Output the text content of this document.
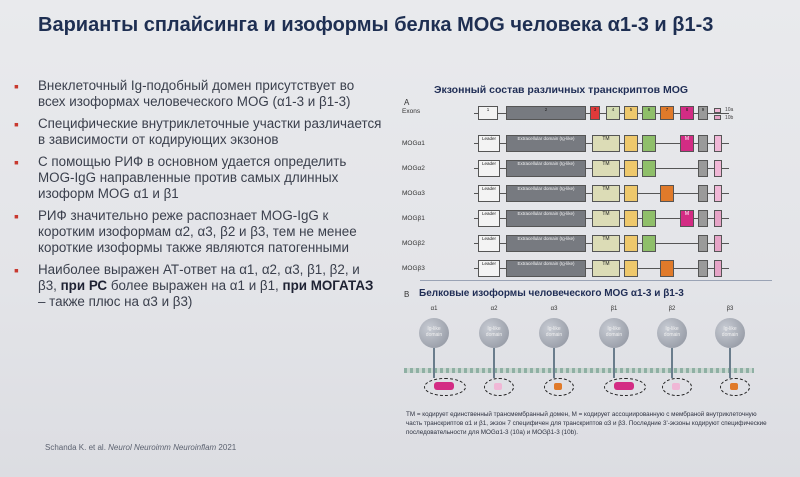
Варианты сплайсинга и изоформы белка MOG человека α1-3 и β1-3
▪ Внеклеточный Ig-подобный домен присутствует во всех изоформах человеческого MOG (α1-3 и β1-3)
▪ Специфические внутриклеточные участки различается в зависимости от кодирующих экзонов
▪ С помощью РИФ в основном удается определить MOG-IgG направленные против самых длинных изоформ MOG α1 и β1
▪ РИФ значительно реже распознает MOG-IgG к коротким изоформам α2, α3, β2 и β3, тем не менее короткие изоформы также являются патогенными
▪ Наиболее выражен АТ-ответ на α1, α2, α3, β1, β2, и β3, при РС более выражен на α1 и β1, при МОГАТАЗ – также плюс на α3 и β3)
Schanda K. et al. Neurol Neuroimm Neuroinflam 2021
A
Экзонный состав различных транскриптов MOG
Exons	1	2	3	4	5	6	7	8	9	10a
10b
MOGα1
Leader	Extracellular domain (Ig-like)	TM	M
MOGα2
Leader	Extracellular domain (Ig-like)	TM
MOGα3
Leader	Extracellular domain (Ig-like)	TM
MOGβ1
Leader	Extracellular domain (Ig-like)	TM	M
MOGβ2
Leader	Extracellular domain (Ig-like)	TM
MOGβ3
Leader	Extracellular domain (Ig-like)	TM
B Белковые изоформы человеческого MOG α1-3 и β1-3
α1
Ig-like domain
α2
Ig-like domain
α3
Ig-like domain
β1
Ig-like domain
β2
Ig-like domain
β3
Ig-like domain
TM = кодирует единственный трансмембранный домен, M = кодирует ассоциированную с мембраной внутриклеточную часть транскриптов α1 и β1, экзон 7 специфичен для транскриптов α3 и β3. Последние 3'-экзоны кодируют специфические последовательности для MOGα1-3 (10a) и MOGβ1-3 (10b).
